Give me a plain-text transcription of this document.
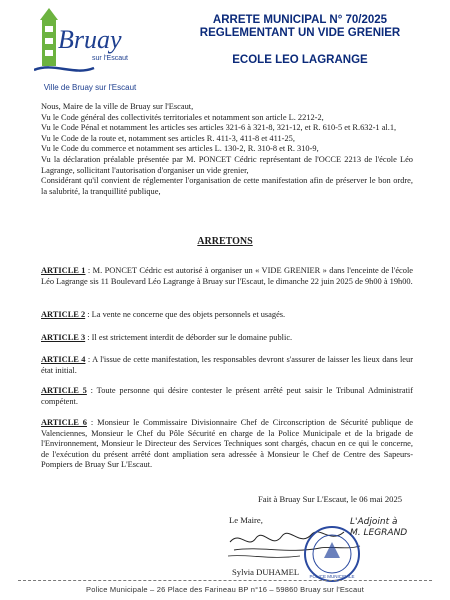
Bruay
sur l'Escaut
Ville de Bruay sur l'Escaut
ARRETE MUNICIPAL N° 70/2025
REGLEMENTANT UN VIDE GRENIER
ECOLE LEO LAGRANGE

Nous, Maire de la ville de Bruay sur l'Escaut,

Vu le Code général des collectivités territoriales et notamment son article L. 2212-2,

Vu le Code Pénal et notamment les articles ses articles 321-6 à 321-8, 321-12, et R. 610-5 et R.632-1 al.1,

Vu le Code de la route et, notamment ses articles R. 411-3, 411-8 et 411-25,

Vu le Code du commerce et notamment ses articles L. 130-2, R. 310-8 et R. 310-9,

Vu la déclaration préalable présentée par M. PONCET Cédric représentant de l'OCCE 2213 de l'école Léo Lagrange, sollicitant l'autorisation d'organiser un vide grenier,

Considérant qu'il convient de réglementer l'organisation de cette manifestation afin de préserver le bon ordre, la salubrité, la tranquillité publique,

ARRETONS
ARTICLE 1 : M. PONCET Cédric est autorisé à organiser un « VIDE GRENIER » dans l'enceinte de l'école Léo Lagrange sis 11 Boulevard Léo Lagrange à Bruay sur l'Escaut, le dimanche 22 juin 2025 de 9h00 à 19h00.
ARTICLE 2 : La vente ne concerne que des objets personnels et usagés.
ARTICLE 3 : Il est strictement interdit de déborder sur le domaine public.
ARTICLE 4 : A l'issue de cette manifestation, les responsables devront s'assurer de laisser les lieux dans leur état initial.
ARTICLE 5 : Toute personne qui désire contester le présent arrêté peut saisir le Tribunal Administratif compétent.
ARTICLE 6 : Monsieur le Commissaire Divisionnaire Chef de Circonscription de Sécurité publique de Valenciennes, Monsieur le Chef du Pôle Sécurité en charge de la Police Municipale et de la brigade de l'Environnement, Monsieur le Directeur des Services Techniques sont chargés, chacun en ce qui le concerne, de l'exécution du présent arrêté dont ampliation sera adressée à Monsieur le Chef de Centre des Sapeurs-Pompiers de Bruay Sur L'Escaut.
Fait à Bruay Sur L'Escaut, le 06 mai 2025
Le Maire,
POLICE MUNICIPALE
L'Adjoint à
M. LEGRAND
Sylvia DUHAMEL
Police Municipale – 26 Place des Farineau BP n°16 – 59860 Bruay sur l'Escaut
